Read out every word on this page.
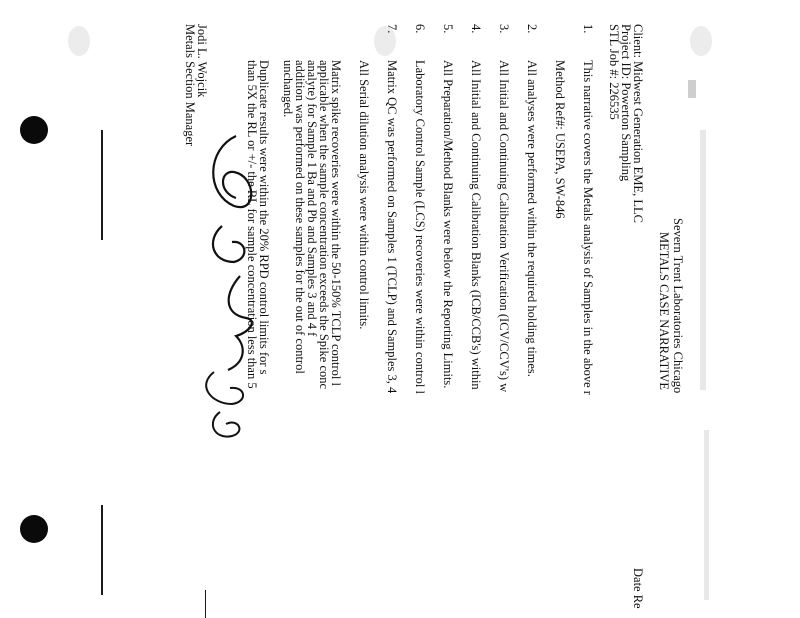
Severn Trent Laboratories Chicago
METALS CASE NARRATIVE
Date Re
Client: Midwest Generation EME, LLC
Project ID: Powerton Sampling
STL Job #: 226535
1.
This narrative covers the Metals analysis of Samples in the above r
Method Ref#: USEPA, SW-846
2.
All analyses were performed within the required holding times.
3.
All Initial and Continuing Calibration Verification (ICV/CCV's) w
4.
All Initial and Continuing Calibration Blanks (ICB/CCB's) within
5.
All Preparation/Method Blanks were below the Reporting Limits.
6.
Laboratory Control Sample (LCS) recoveries were within control l
7.
Matrix QC was performed on Samples 1 (TCLP) and Samples 3, 4
All Serial dilution analysis were within control limits.
Matrix spike recoveries were within the 50-150% TCLP control l
applicable when the sample concentration exceeds the Spike conc
analyte) for Sample 1 Ba and Pb and Samples 3 and 4 f
addition was performed on these samples for the out of control
unchanged.
Duplicate results were within the 20% RPD control limits for s
than 5X the RL or +/- the RL for sample concentration less than 5
Jodi L. Wojcik
Metals Section Manager
